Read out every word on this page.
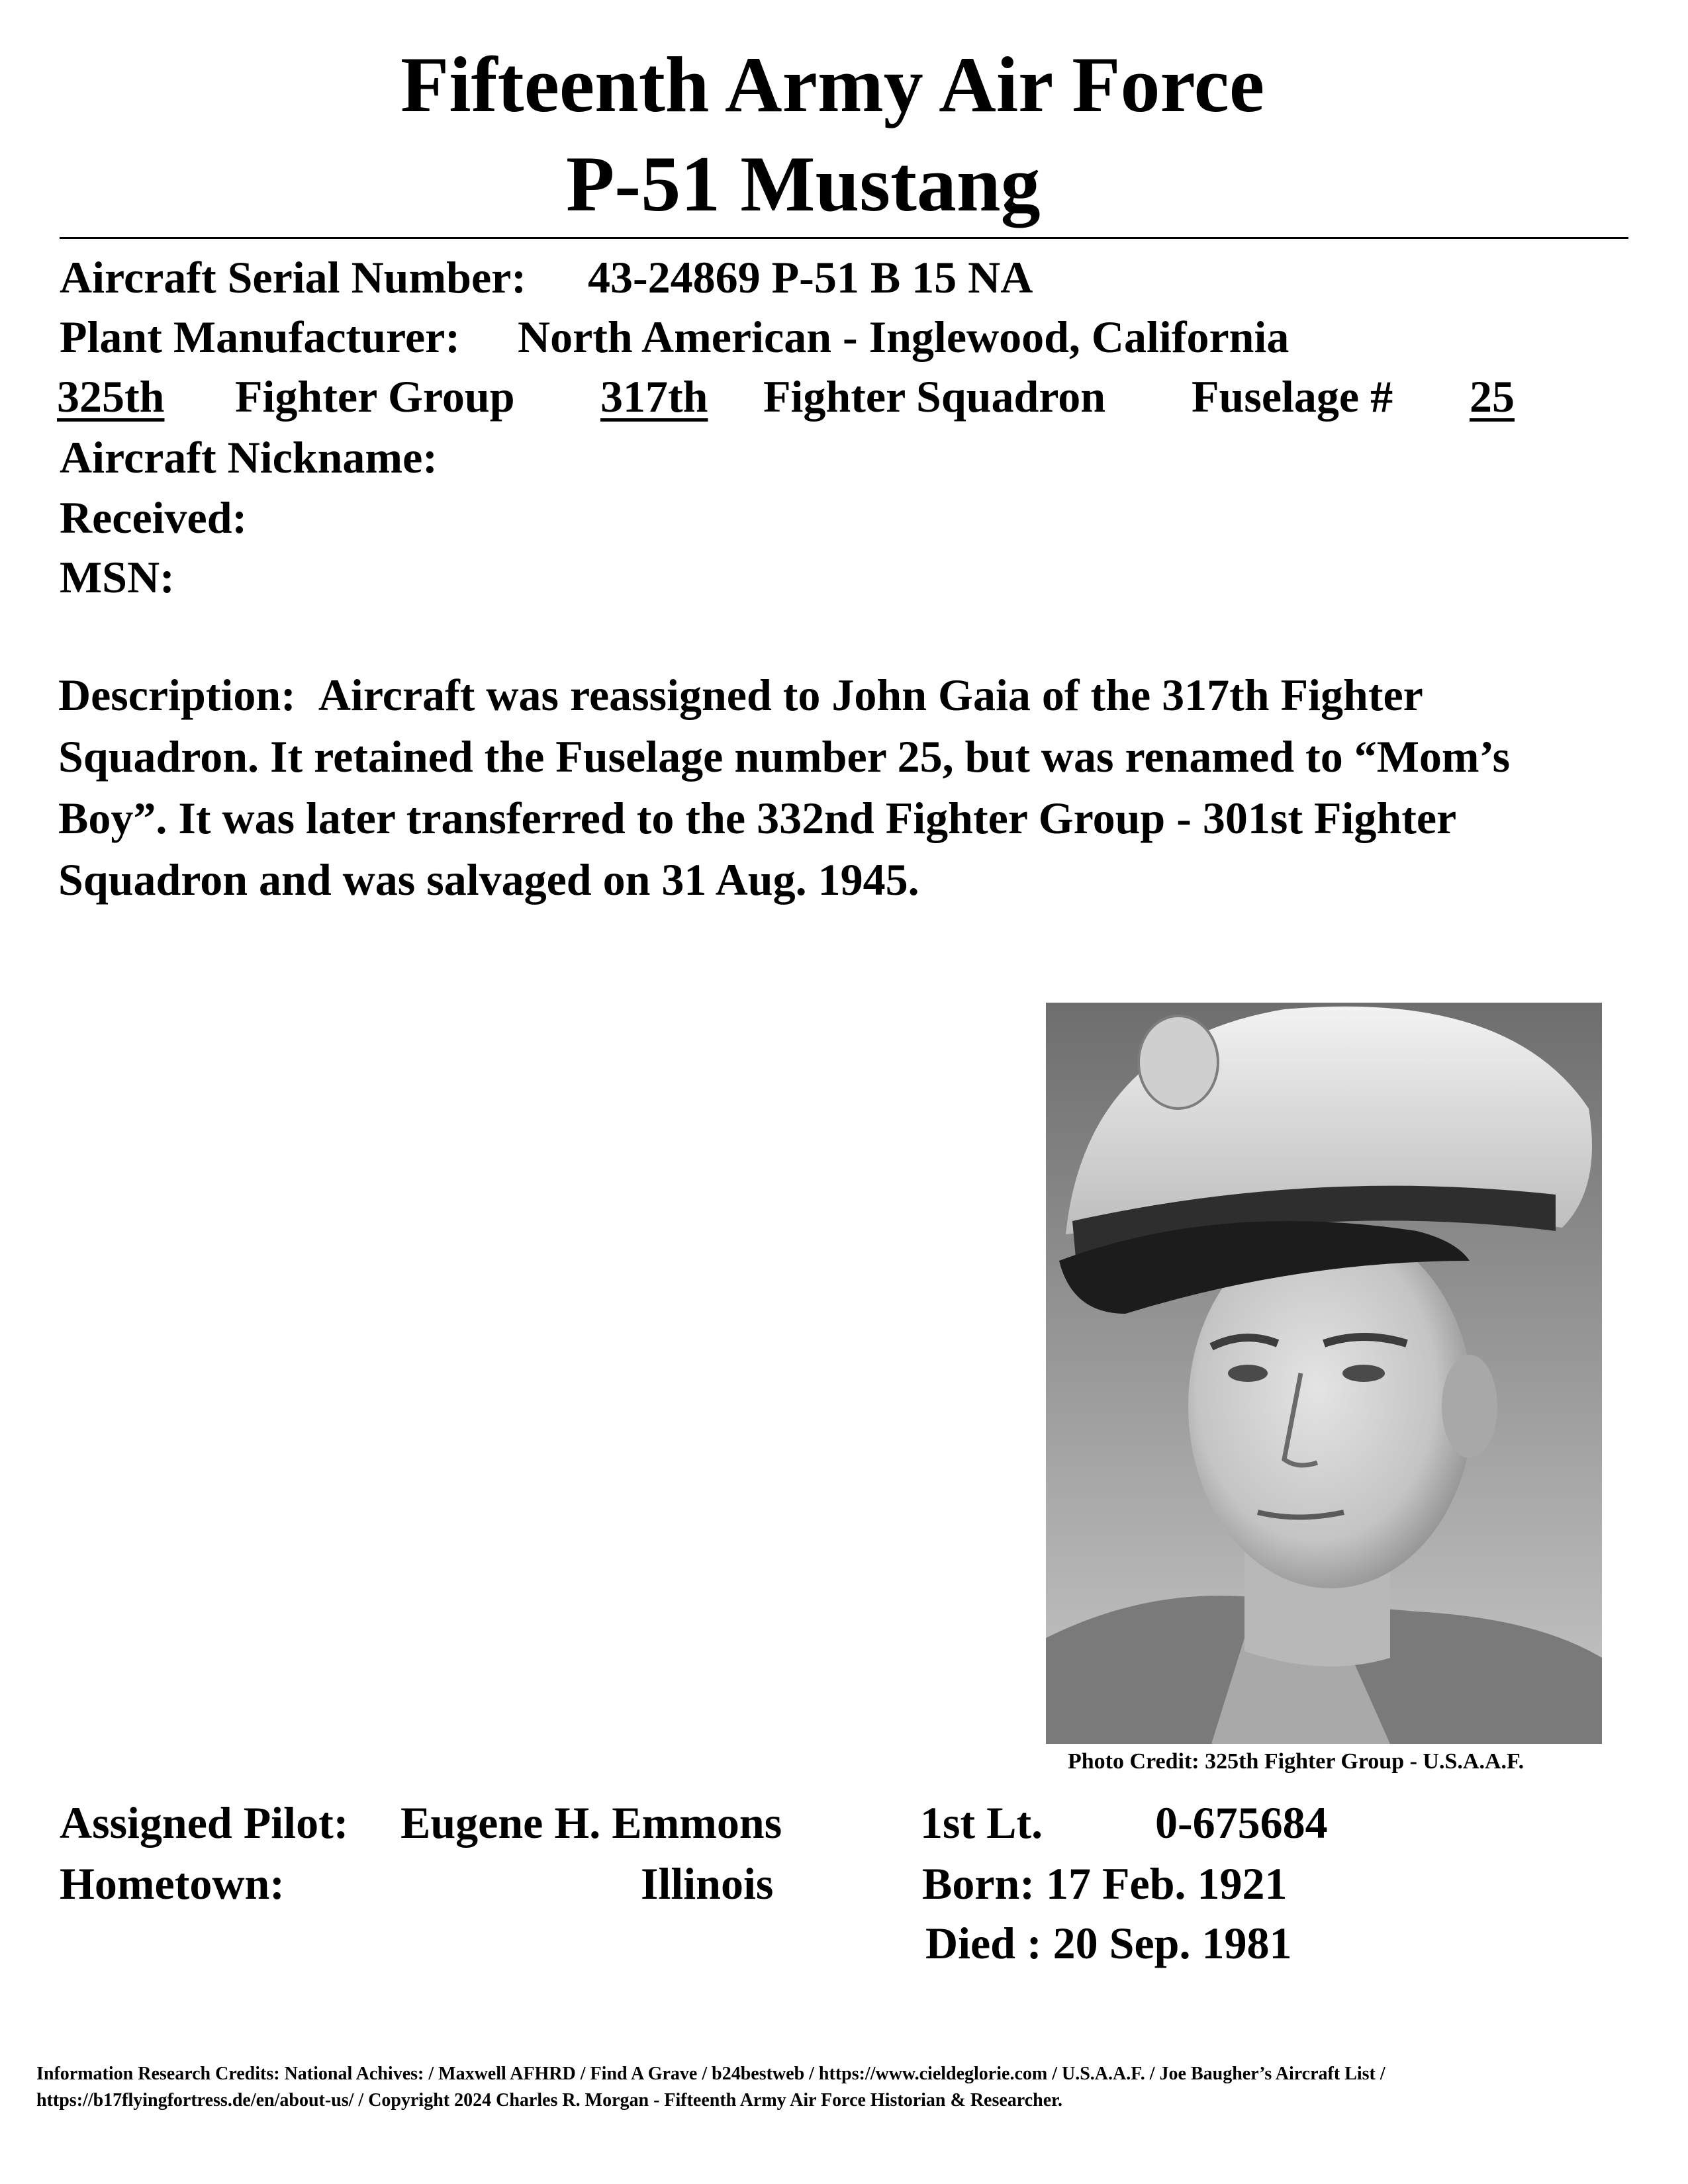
Fifteenth Army Air Force
P-51 Mustang
Aircraft Serial Number: 43-24869 P-51 B 15 NA
Plant Manufacturer: North American - Inglewood, California
325th	Fighter Group 317th	Fighter Squadron Fuselage #	25
Aircraft Nickname:
Received:
MSN:
Description: Aircraft was reassigned to John Gaia of the 317th Fighter Squadron. It retained the Fuselage number 25, but was renamed to “Mom’s Boy”. It was later transferred to the 332nd Fighter Group - 301st Fighter Squadron and was salvaged on 31 Aug. 1945.
Photo Credit: 325th Fighter Group - U.S.A.A.F.
Assigned Pilot: Eugene H. Emmons	1st Lt. 0-675684
Hometown:	Illinois	Born: 17 Feb. 1921
Died : 20 Sep. 1981
Information Research Credits: National Achives: / Maxwell AFHRD / Find A Grave / b24bestweb / https://www.cieldeglorie.com / U.S.A.A.F. / Joe Baugher’s Aircraft List /
https://b17flyingfortress.de/en/about-us/ / Copyright 2024 Charles R. Morgan - Fifteenth Army Air Force Historian & Researcher.
